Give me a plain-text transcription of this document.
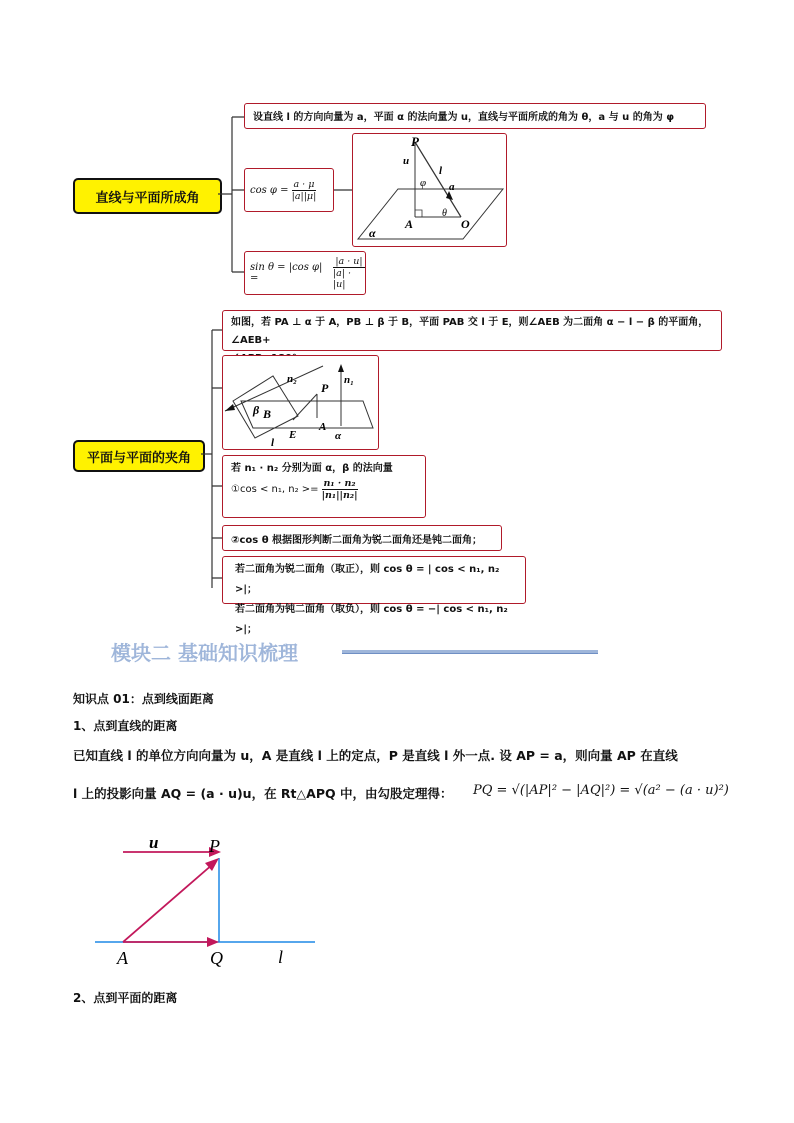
直线与平面所成角
设直线 l 的方向向量为 a，平面 α 的法向量为 u，直线与平面所成的角为 θ，a 与 u 的角为 φ
$\cos \varphi = \frac{a \cdot \mu}{|a||\mu|}$
sin θ = |cos φ| =	$\frac{|a \cdot u|}{|a| \cdot |u|}$
P
u
l
a
φ
θ
A	O
α
平面与平面的夹角
如图，若 PA ⊥ α 于 A，PB ⊥ β 于 B，平面 PAB 交 l 于 E，则∠AEB 为二面角 α − l − β 的平面角，∠AEB+
n₂	n₁
P
β B
E
A
α
l
若 n₁ · n₂ 分别为面 α，β 的法向量
①cos < n₁, $n_2 >= \frac{\text{n₁ · n₂}}{\text{|n₁||n₂|}}$
②cos θ 根据图形判断二面角为锐二面角还是钝二面角；
若二面角为锐二面角（取正），则 cos θ = | cos < n₁, n₂ >|；
若二面角为钝二面角（取负），则 cos θ = −| cos < n₁, n₂ >|；
模块二 基础知识梳理
知识点 01：点到线面距离
1、点到直线的距离
已知直线 l 的单位方向向量为 u，A 是直线 l 上的定点，P 是直线 l 外一点. 设 AP = a，则向量 AP 在直线
l 上的投影向量 AQ = (a · u)u，在 Rt△APQ 中，由勾股定理得： PQ = √(|AP|² − |AQ|²) = √(a² − (a · u)²)
u	P
A	Q	l
2、点到平面的距离
